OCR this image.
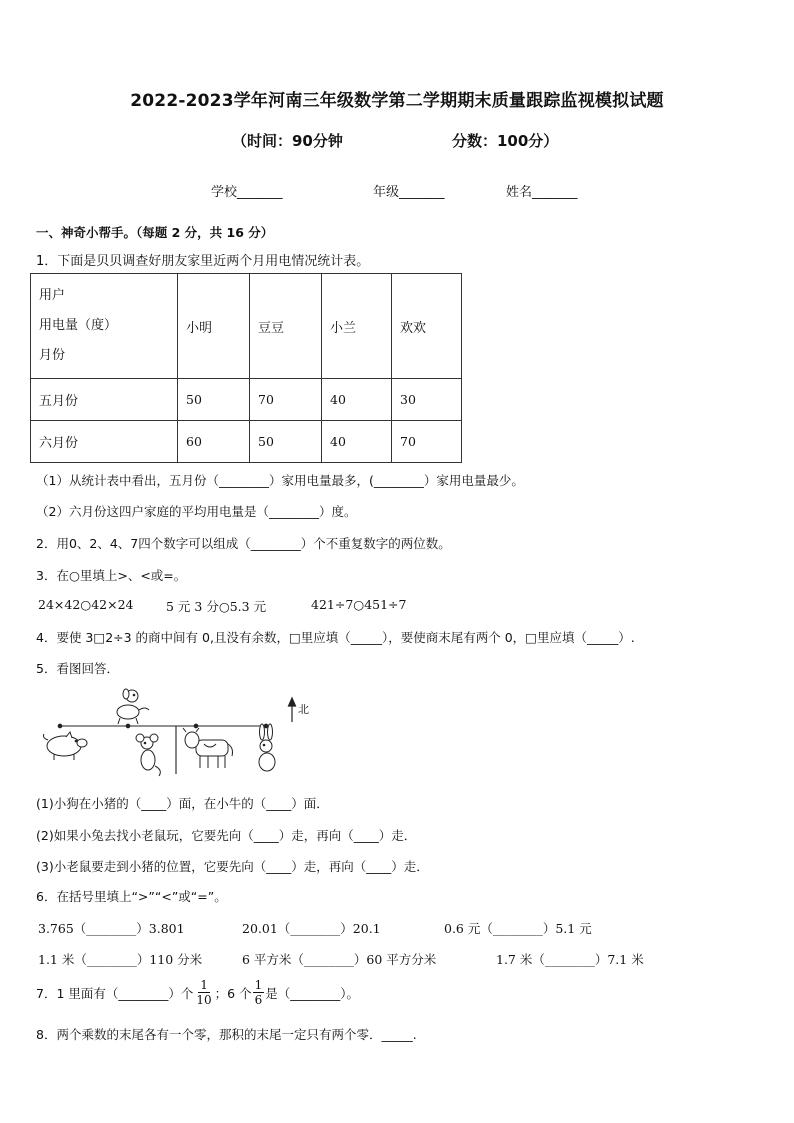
2022-2023学年河南三年级数学第二学期期末质量跟踪监视模拟试题
（时间：90分钟	分数：100分）
学校_______	年级_______	姓名_______
一、神奇小帮手。（每题 2 分，共 16 分）
1．下面是贝贝调查好朋友家里近两个月用电情况统计表。
用户
用电量（度）
月份	小明	豆豆	小兰	欢欢
五月份	50	70	40	30
六月份	60	50	40	70
（1）从统计表中看出，五月份（________）家用电量最多，(________）家用电量最少。
（2）六月份这四户家庭的平均用电量是（________）度。
2．用0、2、4、7四个数字可以组成（________）个不重复数字的两位数。
3．在○里填上>、<或=。
24×42○42×24	5 元 3 分○5.3 元	421÷7○451÷7
4．要使 3□2÷3 的商中间有 0,且没有余数，□里应填（_____），要使商末尾有两个 0，□里应填（_____）.
5．看图回答．
北
(1)小狗在小猪的（____）面，在小牛的（____）面．
(2)如果小兔去找小老鼠玩，它要先向（____）走，再向（____）走．
(3)小老鼠要走到小猪的位置，它要先向（____）走，再向（____）走．
6．在括号里填上“>”“<”或“=”。
3.765（________）3.801	20.01（________）20.1	0.6 元（________）5.1 元
1.1 米（________）110 分米	6 平方米（________）60 平方分米	1.7 米（________）7.1 米
7．1 里面有（________）个 $\frac{1}{10}$ ；6 个 $\frac{1}{6}$ 是（________）。
8．两个乘数的末尾各有一个零，那积的末尾一定只有两个零．_____.
